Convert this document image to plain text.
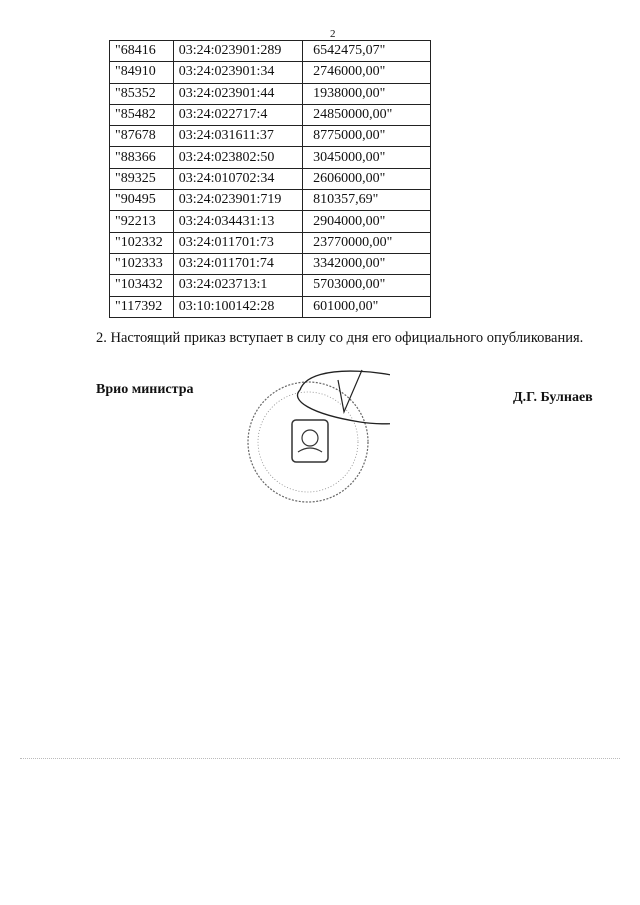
2
"68416	03:24:023901:289	6542475,07"
"84910	03:24:023901:34	2746000,00"
"85352	03:24:023901:44	1938000,00"
"85482	03:24:022717:4	24850000,00"
"87678	03:24:031611:37	8775000,00"
"88366	03:24:023802:50	3045000,00"
"89325	03:24:010702:34	2606000,00"
"90495	03:24:023901:719	810357,69"
"92213	03:24:034431:13	2904000,00"
"102332	03:24:011701:73	23770000,00"
"102333	03:24:011701:74	3342000,00"
"103432	03:24:023713:1	5703000,00"
"117392	03:10:100142:28	601000,00"
2. Настоящий приказ вступает в силу со дня его официального опубликования.
Врио министра
Д.Г. Булнаев
